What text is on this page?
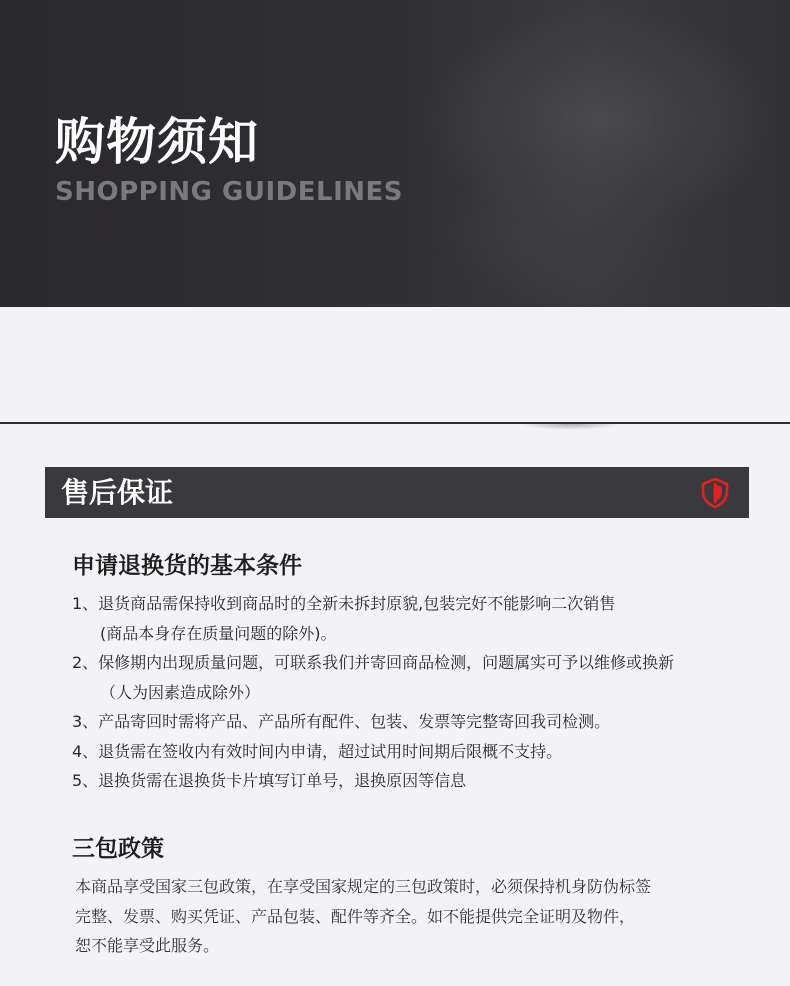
购物须知

SHOPPING GUIDELINES

售后保证
申请退换货的基本条件
1、退货商品需保持收到商品时的全新未拆封原貌,包装完好不能影响二次销售
(商品本身存在质量问题的除外)。
2、保修期内出现质量问题，可联系我们并寄回商品检测，问题属实可予以维修或换新
（人为因素造成除外）
3、产品寄回时需将产品、产品所有配件、包装、发票等完整寄回我司检测。
4、退货需在签收内有效时间内申请，超过试用时间期后限概不支持。
5、退换货需在退换货卡片填写订单号，退换原因等信息
三包政策
本商品享受国家三包政策，在享受国家规定的三包政策时，必须保持机身防伪标签
完整、发票、购买凭证、产品包装、配件等齐全。如不能提供完全证明及物件，
恕不能享受此服务。
